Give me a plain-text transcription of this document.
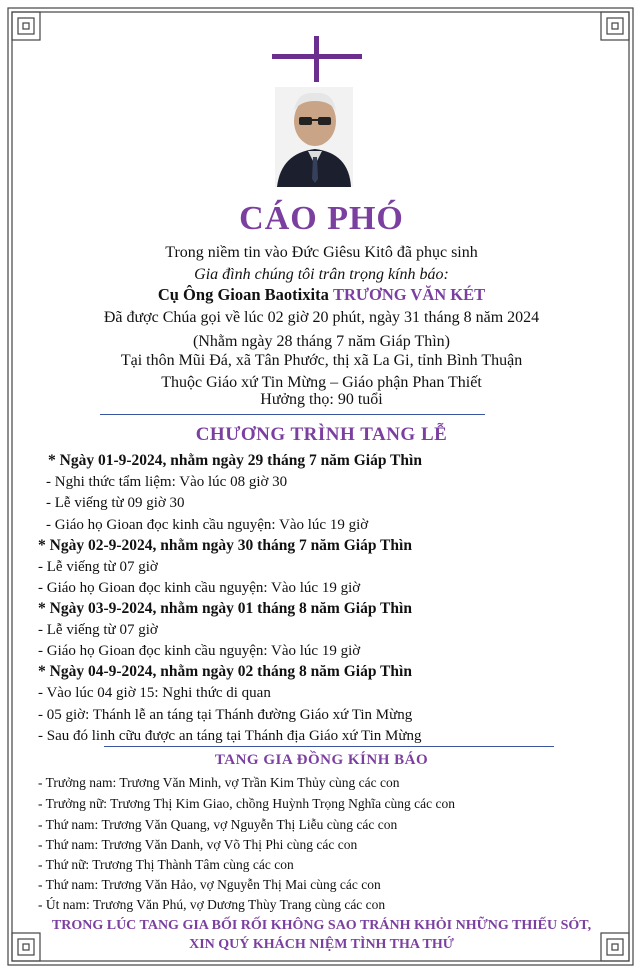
CÁO PHÓ
Trong niềm tin vào Đức Giêsu Kitô đã phục sinh
Gia đình chúng tôi trân trọng kính báo:
Cụ Ông Gioan Baotixita TRƯƠNG VĂN KÉT
Đã được Chúa gọi về lúc 02 giờ 20 phút, ngày 31 tháng 8 năm 2024
(Nhằm ngày 28 tháng 7 năm Giáp Thìn)
Tại thôn Mũi Đá, xã Tân Phước, thị xã La Gi, tỉnh Bình Thuận
Thuộc Giáo xứ Tin Mừng – Giáo phận Phan Thiết
Hưởng thọ: 90 tuổi
CHƯƠNG TRÌNH TANG LỄ
* Ngày 01-9-2024, nhằm ngày 29 tháng 7 năm Giáp Thìn
- Nghi thức tẩm liệm: Vào lúc 08 giờ 30
- Lễ viếng từ 09 giờ 30
- Giáo họ Gioan đọc kinh cầu nguyện: Vào lúc 19 giờ
* Ngày 02-9-2024, nhằm ngày 30 tháng 7 năm Giáp Thìn
- Lễ viếng từ 07 giờ
- Giáo họ Gioan đọc kinh cầu nguyện: Vào lúc 19 giờ
* Ngày 03-9-2024, nhằm ngày 01 tháng 8 năm Giáp Thìn
- Lễ viếng từ 07 giờ
- Giáo họ Gioan đọc kinh cầu nguyện: Vào lúc 19 giờ
* Ngày 04-9-2024, nhằm ngày 02 tháng 8 năm Giáp Thìn
- Vào lúc 04 giờ 15: Nghi thức di quan
- 05 giờ: Thánh lễ an táng tại Thánh đường Giáo xứ Tin Mừng
- Sau đó linh cữu được an táng tại Thánh địa Giáo xứ Tin Mừng
TANG GIA ĐỒNG KÍNH BÁO
- Trưởng nam: Trương Văn Minh, vợ Trần Kim Thủy cùng các con
- Trưởng nữ: Trương Thị Kim Giao, chồng Huỳnh Trọng Nghĩa cùng các con
- Thứ nam: Trương Văn Quang, vợ Nguyễn Thị Liễu cùng các con
- Thứ nam: Trương Văn Danh, vợ Võ Thị Phi cùng các con
- Thứ nữ: Trương Thị Thành Tâm cùng các con
- Thứ nam: Trương Văn Hảo, vợ Nguyễn Thị Mai cùng các con
- Út nam: Trương Văn Phú, vợ Dương Thùy Trang cùng các con
TRONG LÚC TANG GIA BỐI RỐI KHÔNG SAO TRÁNH KHỎI NHỮNG THIẾU SÓT,
XIN QUÝ KHÁCH NIỆM TÌNH THA THỨ
